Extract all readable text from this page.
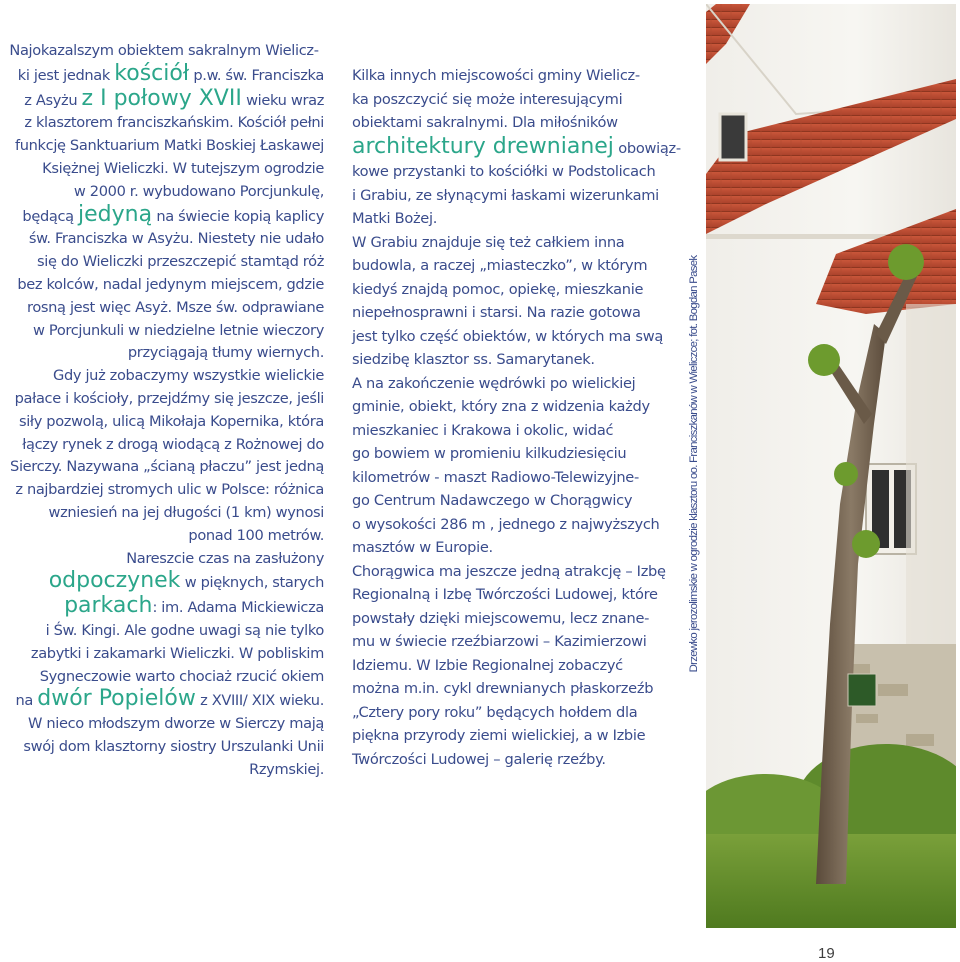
Najokazalszym obiektem sakralnym Wielicz-
ki jest jednak kościół p.w. św. Franciszka
z Asyżu z I połowy XVII wieku wraz
z klasztorem franciszkańskim. Kościół pełni
funkcję Sanktuarium Matki Boskiej Łaskawej
Księżnej Wieliczki. W tutejszym ogrodzie
w 2000 r. wybudowano Porcjunkulę,
będącą jedyną na świecie kopią kaplicy
św. Franciszka w Asyżu. Niestety nie udało
się do Wieliczki przeszczepić stamtąd róż
bez kolców, nadal jedynym miejscem, gdzie
rosną jest więc Asyż. Msze św. odprawiane
w Porcjunkuli w niedzielne letnie wieczory
przyciągają tłumy wiernych.
Gdy już zobaczymy wszystkie wielickie
pałace i kościoły, przejdźmy się jeszcze, jeśli
siły pozwolą, ulicą Mikołaja Kopernika, która
łączy rynek z drogą wiodącą z Rożnowej do
Sierczy. Nazywana „ścianą płaczu” jest jedną
z najbardziej stromych ulic w Polsce: różnica
wzniesień na jej długości (1 km) wynosi
ponad 100 metrów.
Nareszcie czas na zasłużony
odpoczynek w pięknych, starych
parkach: im. Adama Mickiewicza
i Św. Kingi. Ale godne uwagi są nie tylko
zabytki i zakamarki Wieliczki. W pobliskim
Sygneczowie warto chociaż rzucić okiem
na dwór Popielów z XVIII/ XIX wieku.
W nieco młodszym dworze w Sierczy mają
swój dom klasztorny siostry Urszulanki Unii
Rzymskiej.
Kilka innych miejscowości gminy Wielicz-
ka poszczycić się może interesującymi
obiektami sakralnymi. Dla miłośników
architektury drewnianej obowiąz-
kowe przystanki to kościółki w Podstolicach
i Grabiu, ze słynącymi łaskami wizerunkami
Matki Bożej.
W Grabiu znajduje się też całkiem inna
budowla, a raczej „miasteczko”, w którym
kiedyś znajdą pomoc, opiekę, mieszkanie
niepełnosprawni i starsi. Na razie gotowa
jest tylko część obiektów, w których ma swą
siedzibę klasztor ss. Samarytanek.
A na zakończenie wędrówki po wielickiej
gminie, obiekt, który zna z widzenia każdy
mieszkaniec i Krakowa i okolic, widać
go bowiem w promieniu kilkudziesięciu
kilometrów - maszt Radiowo-Telewizyjne-
go Centrum Nadawczego w Chorągwicy
o wysokości 286 m , jednego z najwyższych
masztów w Europie.
Chorągwica ma jeszcze jedną atrakcję – Izbę
Regionalną i Izbę Twórczości Ludowej, które
powstały dzięki miejscowemu, lecz znane-
mu w świecie rzeźbiarzowi – Kazimierzowi
Idziemu. W Izbie Regionalnej zobaczyć
można m.in. cykl drewnianych płaskorzeźb
„Cztery pory roku” będących hołdem dla
piękna przyrody ziemi wielickiej, a w Izbie
Twórczości Ludowej – galerię rzeźby.
Drzewko jerozolimskie w ogrodzie klasztoru oo. Franciszkanów w Wieliczce; fot. Bogdan Pasek
19
